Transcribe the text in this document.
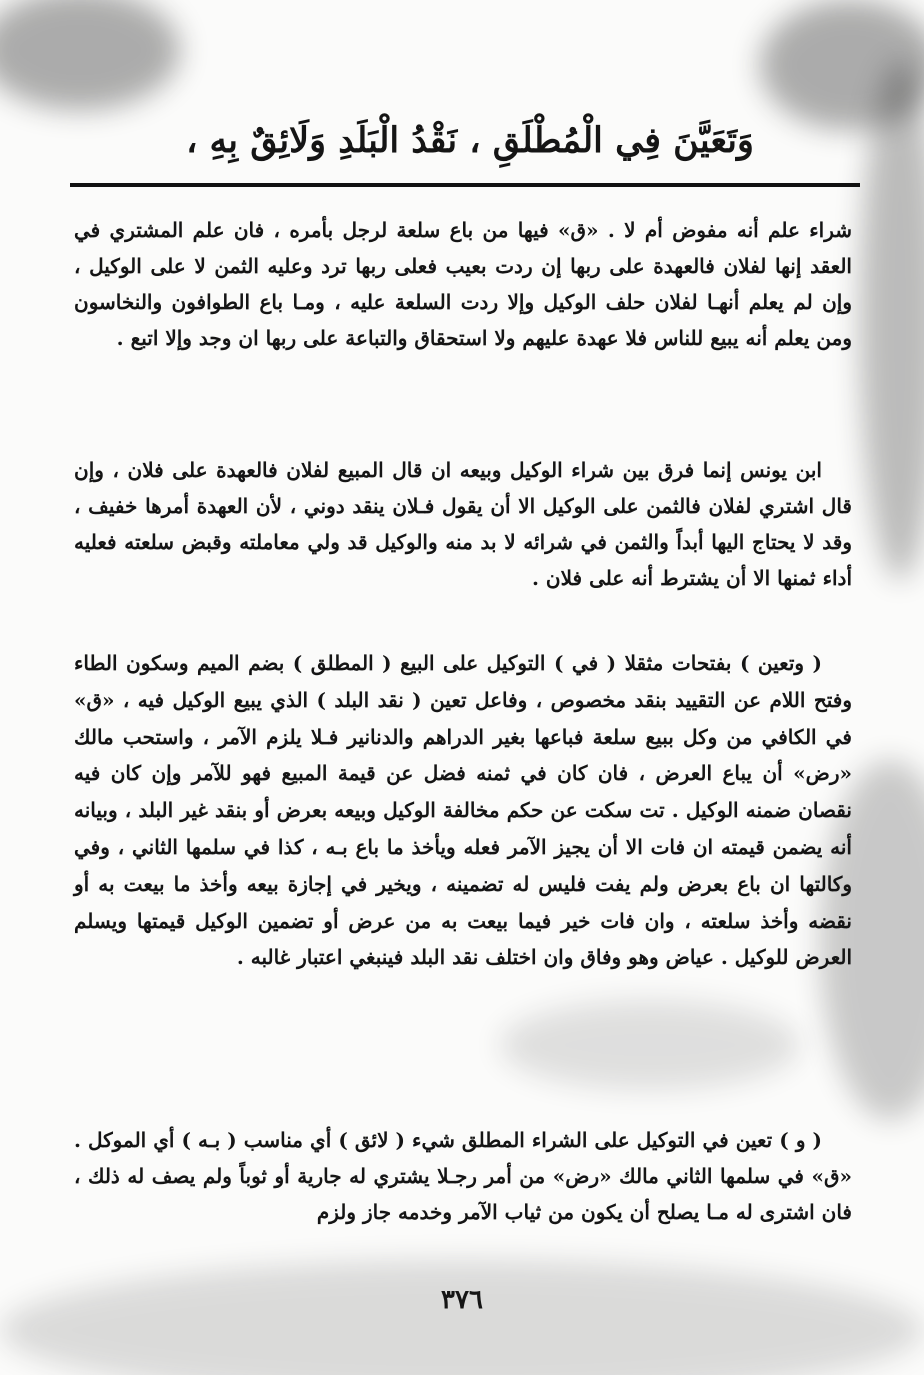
وَتَعَيَّنَ فِي الْمُطْلَقِ ، نَقْدُ الْبَلَدِ وَلَائِقٌ بِهِ ،

شراء علم أنه مفوض أم لا . «ق» فيها من باع سلعة لرجل بأمره ، فان علم المشتري في العقد إنها لفلان فالعهدة على ربها إن ردت بعيب فعلى ربها ترد وعليه الثمن لا على الوكيل ، وإن لم يعلم أنهـا لفلان حلف الوكيل وإلا ردت السلعة عليه ، ومـا باع الطوافون والنخاسون ومن يعلم أنه يبيع للناس فلا عهدة عليهم ولا استحقاق والتباعة على ربها ان وجد وإلا اتبع .

ابن يونس إنما فرق بين شراء الوكيل وبيعه ان قال المبيع لفلان فالعهدة على فلان ، وإن قال اشتري لفلان فالثمن على الوكيل الا أن يقول فـلان ينقد دوني ، لأن العهدة أمرها خفيف ، وقد لا يحتاج اليها أبداً والثمن في شرائه لا بد منه والوكيل قد ولي معاملته وقبض سلعته فعليه أداء ثمنها الا أن يشترط أنه على فلان .

( وتعين ) بفتحات مثقلا ( في ) التوكيل على البيع ( المطلق ) بضم الميم وسكون الطاء وفتح اللام عن التقييد بنقد مخصوص ، وفاعل تعين ( نقد البلد ) الذي يبيع الوكيل فيه ، «ق» في الكافي من وكل ببيع سلعة فباعها بغير الدراهم والدنانير فـلا يلزم الآمر ، واستحب مالك «رض» أن يباع العرض ، فان كان في ثمنه فضل عن قيمة المبيع فهو للآمر وإن كان فيه نقصان ضمنه الوكيل . تت سكت عن حكم مخالفة الوكيل وبيعه بعرض أو بنقد غير البلد ، وبيانه أنه يضمن قيمته ان فات الا أن يجيز الآمر فعله ويأخذ ما باع بـه ، كذا في سلمها الثاني ، وفي وكالتها ان باع بعرض ولم يفت فليس له تضمينه ، ويخير في إجازة بيعه وأخذ ما بيعت به أو نقضه وأخذ سلعته ، وان فات خير فيما بيعت به من عرض أو تضمين الوكيل قيمتها ويسلم العرض للوكيل . عياض وهو وفاق وان اختلف نقد البلد فينبغي اعتبار غالبه .

( و ) تعين في التوكيل على الشراء المطلق شيء ( لائق ) أي مناسب ( بـه ) أي الموكل . «ق» في سلمها الثاني مالك «رض» من أمر رجـلا يشتري له جارية أو ثوباً ولم يصف له ذلك ، فان اشترى له مـا يصلح أن يكون من ثياب الآمر وخدمه جاز ولزم

٣٧٦
